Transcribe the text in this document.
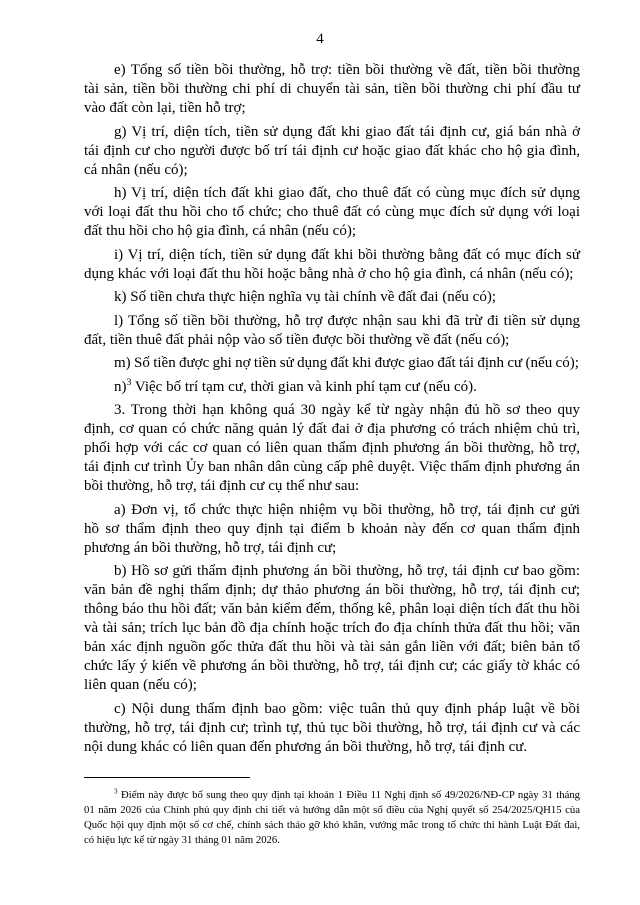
4
e) Tổng số tiền bồi thường, hỗ trợ: tiền bồi thường về đất, tiền bồi thường
tài sản, tiền bồi thường chi phí di chuyển tài sản, tiền bồi thường chi phí đầu tư
vào đất còn lại, tiền hỗ trợ;
g) Vị trí, diện tích, tiền sử dụng đất khi giao đất tái định cư, giá bán nhà ở
tái định cư cho người được bố trí tái định cư hoặc giao đất khác cho hộ gia đình,
cá nhân (nếu có);
h) Vị trí, diện tích đất khi giao đất, cho thuê đất có cùng mục đích sử dụng
với loại đất thu hồi cho tổ chức; cho thuê đất có cùng mục đích sử dụng với loại
đất thu hồi cho hộ gia đình, cá nhân (nếu có);
i) Vị trí, diện tích, tiền sử dụng đất khi bồi thường bằng đất có mục đích sử
dụng khác với loại đất thu hồi hoặc bằng nhà ở cho hộ gia đình, cá nhân (nếu có);
k) Số tiền chưa thực hiện nghĩa vụ tài chính về đất đai (nếu có);
l) Tổng số tiền bồi thường, hỗ trợ được nhận sau khi đã trừ đi tiền sử dụng
đất, tiền thuê đất phải nộp vào số tiền được bồi thường về đất (nếu có);
m) Số tiền được ghi nợ tiền sử dụng đất khi được giao đất tái định cư (nếu có);
n)$^3$ Việc bố trí tạm cư, thời gian và kinh phí tạm cư (nếu có).
3. Trong thời hạn không quá 30 ngày kể từ ngày nhận đủ hồ sơ theo quy
định, cơ quan có chức năng quản lý đất đai ở địa phương có trách nhiệm chủ trì,
phối hợp với các cơ quan có liên quan thẩm định phương án bồi thường, hỗ trợ,
tái định cư trình Ủy ban nhân dân cùng cấp phê duyệt. Việc thẩm định phương án
bồi thường, hỗ trợ, tái định cư cụ thể như sau:
a) Đơn vị, tổ chức thực hiện nhiệm vụ bồi thường, hỗ trợ, tái định cư gửi
hồ sơ thẩm định theo quy định tại điểm b khoản này đến cơ quan thẩm định
phương án bồi thường, hỗ trợ, tái định cư;
b) Hồ sơ gửi thẩm định phương án bồi thường, hỗ trợ, tái định cư bao gồm:
văn bản đề nghị thẩm định; dự thảo phương án bồi thường, hỗ trợ, tái định cư;
thông báo thu hồi đất; văn bản kiểm đếm, thống kê, phân loại diện tích đất thu hồi
và tài sản; trích lục bản đồ địa chính hoặc trích đo địa chính thửa đất thu hồi; văn
bản xác định nguồn gốc thửa đất thu hồi và tài sản gắn liền với đất; biên bản tổ
chức lấy ý kiến về phương án bồi thường, hỗ trợ, tái định cư; các giấy tờ khác có
liên quan (nếu có);
c) Nội dung thẩm định bao gồm: việc tuân thủ quy định pháp luật về bồi
thường, hỗ trợ, tái định cư; trình tự, thủ tục bồi thường, hỗ trợ, tái định cư và các
nội dung khác có liên quan đến phương án bồi thường, hỗ trợ, tái định cư.
$^3$ Điểm này được bổ sung theo quy định tại khoản 1 Điều 11 Nghị định số 49/2026/NĐ-CP ngày 31 tháng
01 năm 2026 của Chính phủ quy định chi tiết và hướng dẫn một số điều của Nghị quyết số 254/2025/QH15 của
Quốc hội quy định một số cơ chế, chính sách tháo gỡ khó khăn, vướng mắc trong tổ chức thi hành Luật Đất đai,
có hiệu lực kể từ ngày 31 tháng 01 năm 2026.
